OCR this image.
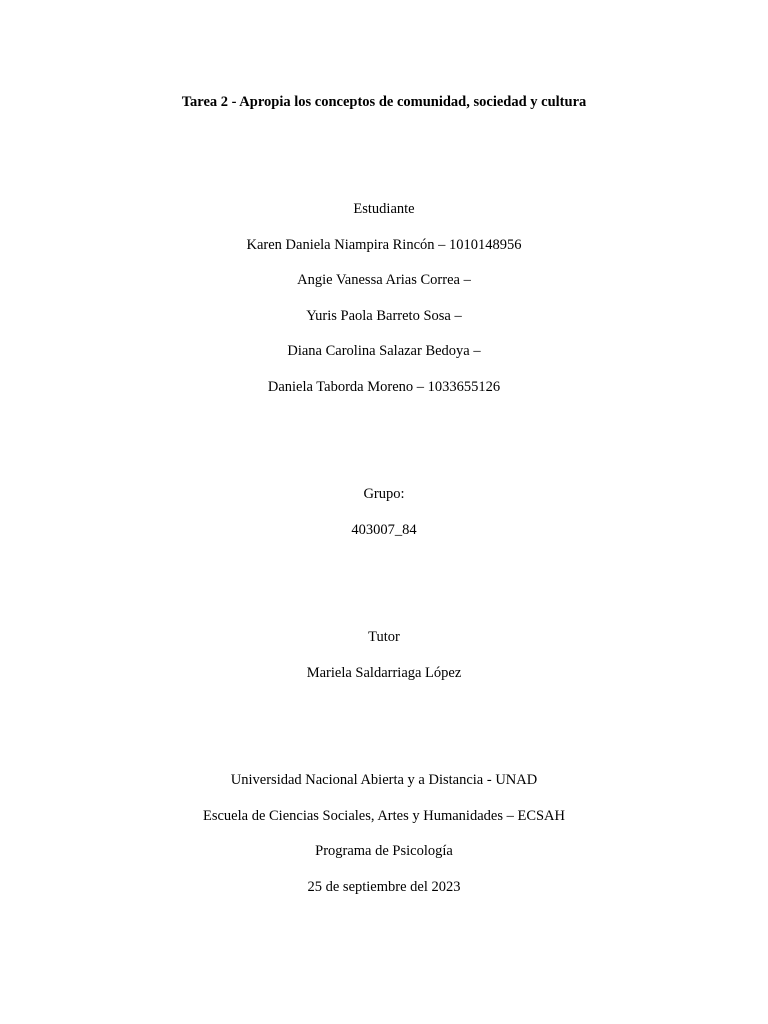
Tarea 2 - Apropia los conceptos de comunidad, sociedad y cultura
Estudiante
Karen Daniela Niampira Rincón – 1010148956
Angie Vanessa Arias Correa –
Yuris Paola Barreto Sosa –
Diana Carolina Salazar Bedoya –
Daniela Taborda Moreno – 1033655126
Grupo:
403007_84
Tutor
Mariela Saldarriaga López
Universidad Nacional Abierta y a Distancia - UNAD
Escuela de Ciencias Sociales, Artes y Humanidades – ECSAH
Programa de Psicología
25 de septiembre del 2023
